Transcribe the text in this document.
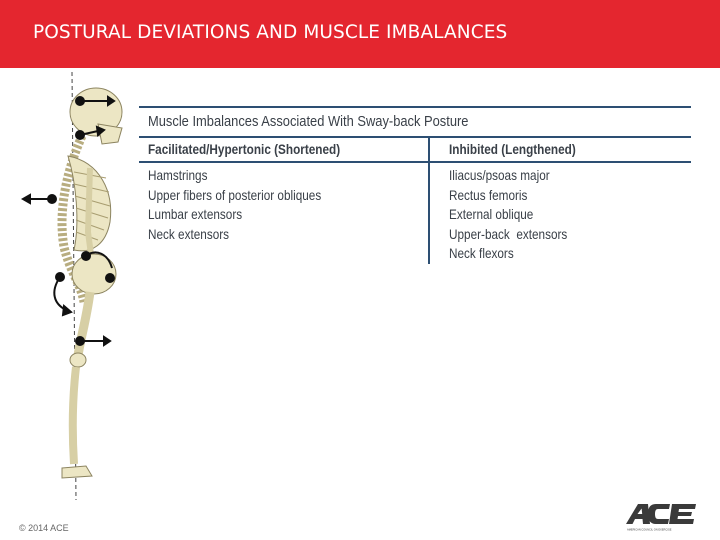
POSTURAL DEVIATIONS AND MUSCLE IMBALANCES
Muscle Imbalances Associated With Sway-back Posture
Facilitated/Hypertonic (Shortened)	Inhibited (Lengthened)
Hamstrings
Upper fibers of posterior obliques
Lumbar extensors
Neck extensors
Iliacus/psoas major
Rectus femoris
External oblique
Upper-back  extensors
Neck flexors
© 2014 ACE	AMERICAN COUNCIL ON EXERCISE
